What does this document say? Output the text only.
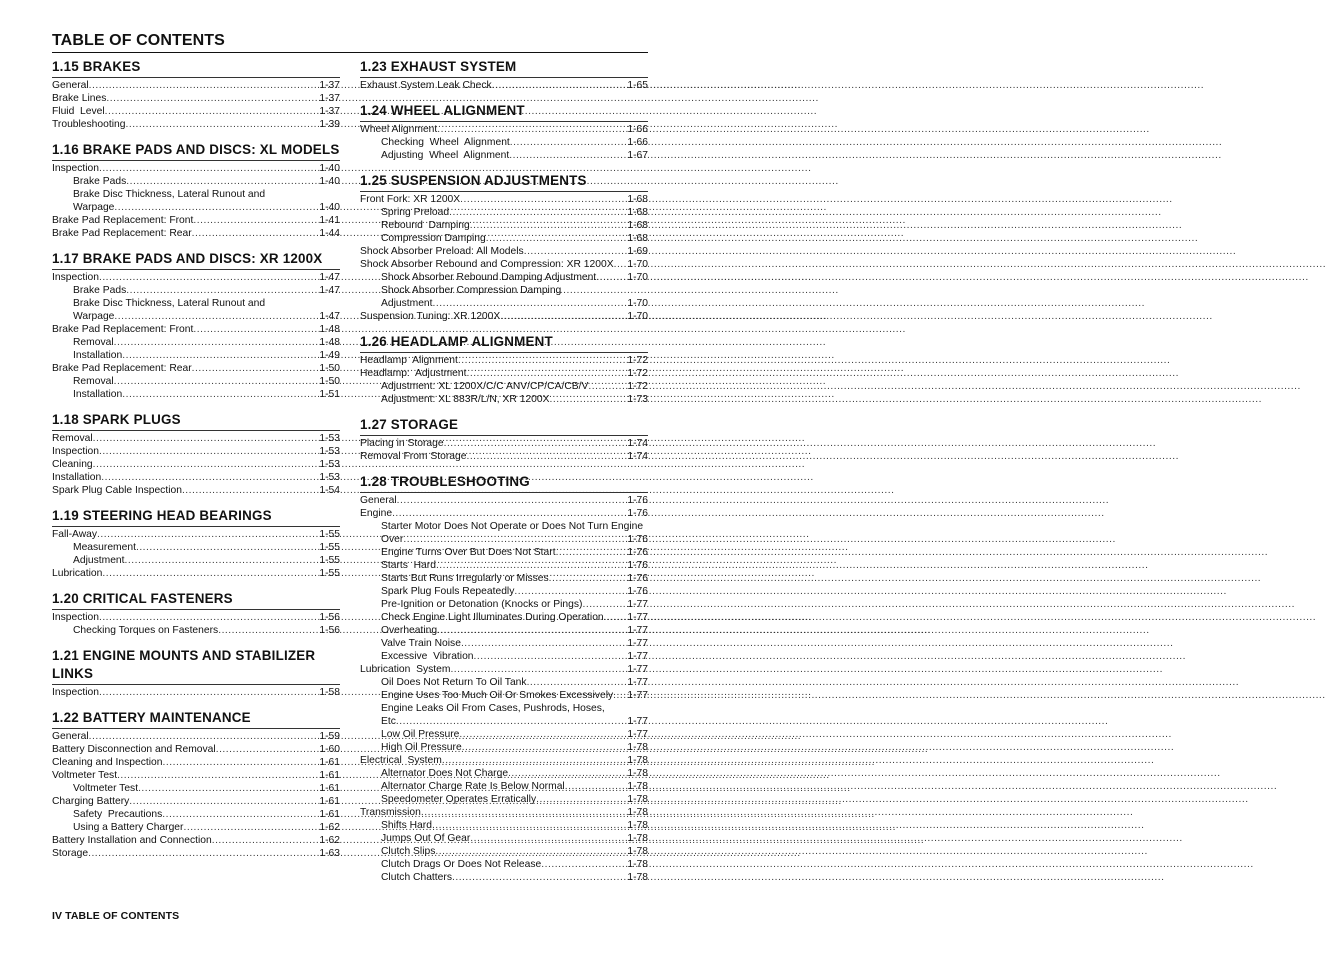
TABLE OF CONTENTS
1.15 BRAKES
General .....	1-37
Brake Lines .....	1-37
Fluid  Level .....	1-37
Troubleshooting .....	1-39
1.16 BRAKE PADS AND DISCS: XL MODELS
Inspection .....	1-40
Brake Pads .....	1-40
Brake Disc Thickness, Lateral Runout and
Warpage .....	1-40
Brake Pad Replacement: Front .....	1-41
Brake Pad Replacement: Rear .....	1-44
1.17 BRAKE PADS AND DISCS: XR 1200X
Inspection .....	1-47
Brake Pads .....	1-47
Brake Disc Thickness, Lateral Runout and
Warpage .....	1-47
Brake Pad Replacement: Front .....	1-48
Removal .....	1-48
Installation .....	1-49
Brake Pad Replacement: Rear .....	1-50
Removal .....	1-50
Installation .....	1-51
1.18 SPARK PLUGS
Removal .....	1-53
Inspection .....	1-53
Cleaning .....	1-53
Installation .....	1-53
Spark Plug Cable Inspection .....	1-54
1.19 STEERING HEAD BEARINGS
Fall-Away .....	1-55
Measurement .....	1-55
Adjustment .....	1-55
Lubrication .....	1-55
1.20 CRITICAL FASTENERS
Inspection .....	1-56
Checking Torques on Fasteners .....	1-56
1.21 ENGINE MOUNTS AND STABILIZER LINKS
Inspection .....	1-58
1.22 BATTERY MAINTENANCE
General .....	1-59
Battery Disconnection and Removal .....	1-60
Cleaning and Inspection .....	1-61
Voltmeter Test .....	1-61
Voltmeter Test .....	1-61
Charging Battery .....	1-61
Safety  Precautions .....	1-61
Using a Battery Charger .....	1-62
Battery Installation and Connection .....	1-62
Storage .....	1-63
1.23 EXHAUST SYSTEM
Exhaust System Leak Check .....	1-65
1.24 WHEEL ALIGNMENT
Wheel Alignment .....	1-66
Checking  Wheel  Alignment .....	1-66
Adjusting  Wheel  Alignment .....	1-67
1.25 SUSPENSION ADJUSTMENTS
Front Fork: XR 1200X .....	1-68
Spring Preload .....	1-68
Rebound  Damping .....	1-68
Compression Damping .....	1-68
Shock Absorber Preload: All Models .....	1-69
Shock Absorber Rebound and Compression: XR 1200X ..... 1-70
Shock Absorber Rebound Damping Adjustment .....	1-70
Shock Absorber Compression Damping
Adjustment .....	1-70
Suspension Tuning: XR 1200X .....	1-70
1.26 HEADLAMP ALIGNMENT
Headlamp  Alignment .....	1-72
Headlamp:  Adjustment .....	1-72
Adjustment: XL 1200X/C/C ANV/CP/CA/CB/V .....	1-72
Adjustment: XL 883R/L/N, XR 1200X .....	1-73
1.27 STORAGE
Placing in Storage .....	1-74
Removal From Storage .....	1-74
1.28 TROUBLESHOOTING
General .....	1-76
Engine .....	1-76
Starter Motor Does Not Operate or Does Not Turn Engine
Over .....	1-76
Engine Turns Over But Does Not Start .....	1-76
Starts  Hard .....	1-76
Starts But Runs Irregularly or Misses .....	1-76
Spark Plug Fouls Repeatedly .....	1-76
Pre-Ignition or Detonation (Knocks or Pings) .....	1-77
Check Engine Light Illuminates During Operation ..... 1-77
Overheating .....	1-77
Valve Train Noise .....	1-77
Excessive  Vibration .....	1-77
Lubrication  System .....	1-77
Oil Does Not Return To Oil Tank .....	1-77
Engine Uses Too Much Oil Or Smokes Excessively ..... 1-77
Engine Leaks Oil From Cases, Pushrods, Hoses,
Etc .....	1-77
Low Oil Pressure .....	1-77
High Oil Pressure .....	1-78
Electrical  System .....	1-78
Alternator Does Not Charge .....	1-78
Alternator Charge Rate Is Below Normal .....	1-78
Speedometer Operates Erratically .....	1-78
Transmission .....	1-78
Shifts Hard .....	1-78
Jumps Out Of Gear .....	1-78
Clutch Slips .....	1-78
Clutch Drags Or Does Not Release .....	1-78
Clutch Chatters .....	1-78
IV TABLE OF CONTENTS
